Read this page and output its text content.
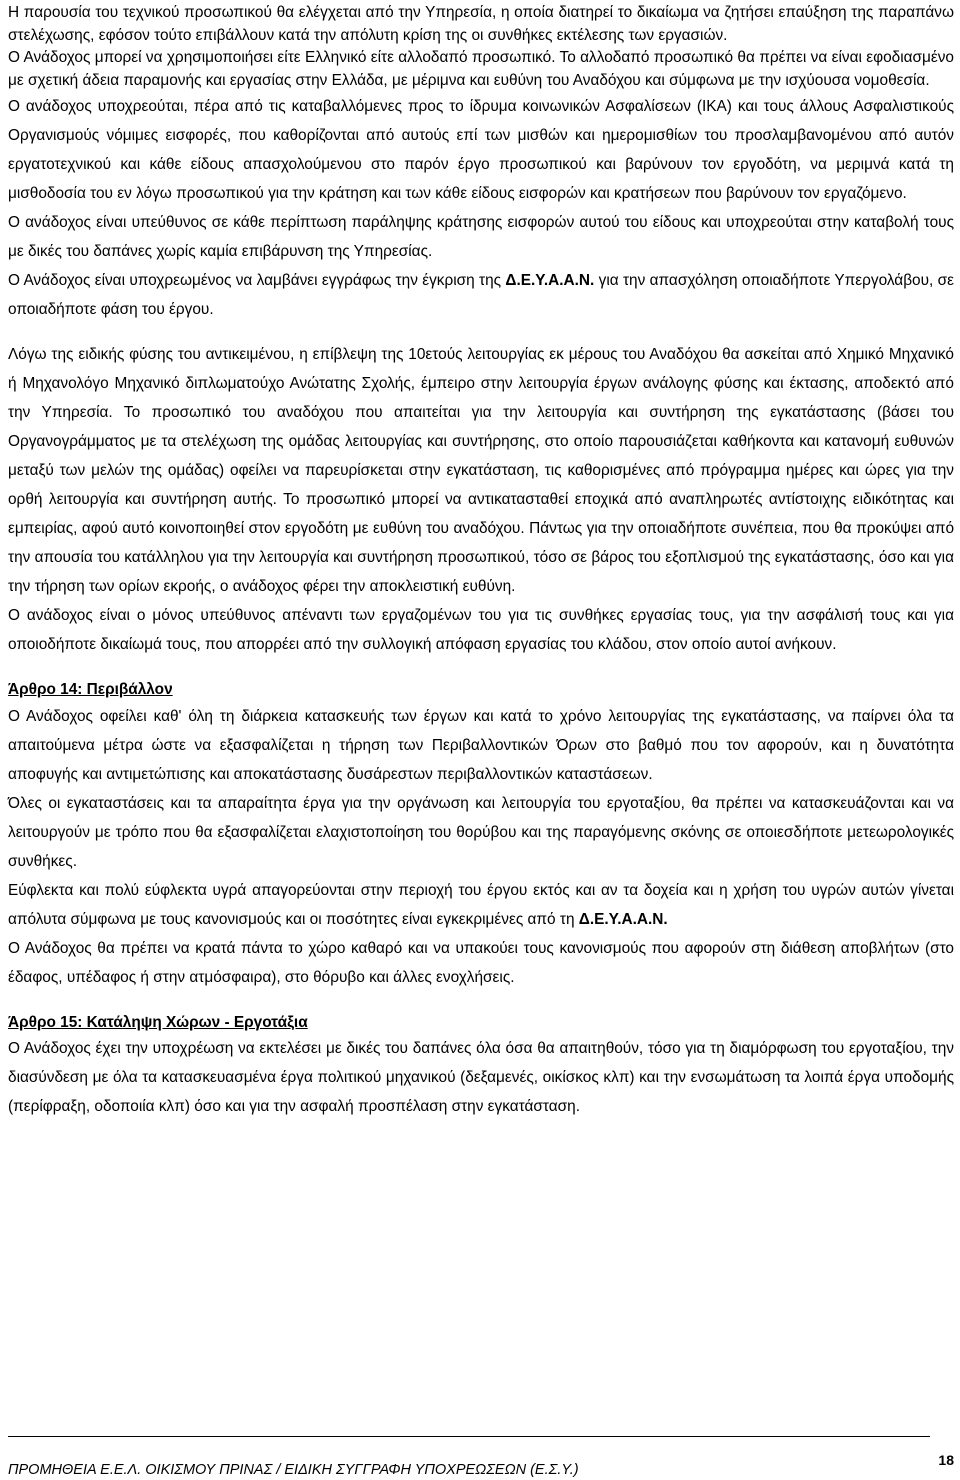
Η παρουσία του τεχνικού προσωπικού θα ελέγχεται από την Υπηρεσία, η οποία διατηρεί το δικαίωμα να ζητήσει επαύξηση της παραπάνω στελέχωσης, εφόσον τούτο επιβάλλουν κατά την απόλυτη κρίση της οι συνθήκες εκτέλεσης των εργασιών.

Ο Ανάδοχος μπορεί να χρησιμοποιήσει είτε Ελληνικό είτε αλλοδαπό προσωπικό. Το αλλοδαπό προσωπικό θα πρέπει να είναι εφοδιασμένο με σχετική άδεια παραμονής και εργασίας στην Ελλάδα, με μέριμνα και ευθύνη του Αναδόχου και σύμφωνα με την ισχύουσα νομοθεσία.

Ο ανάδοχος υποχρεούται, πέρα από τις καταβαλλόμενες προς το ίδρυμα κοινωνικών Ασφαλίσεων (ΙΚΑ) και τους άλλους Ασφαλιστικούς Οργανισμούς νόμιμες εισφορές, που καθορίζονται από αυτούς επί των μισθών και ημερομισθίων του προσλαμβανομένου από αυτόν εργατοτεχνικού και κάθε είδους απασχολούμενου στο παρόν έργο προσωπικού και βαρύνουν τον εργοδότη, να μεριμνά κατά τη μισθοδοσία του εν λόγω προσωπικού για την κράτηση και των κάθε είδους εισφορών και κρατήσεων που βαρύνουν τον εργαζόμενο.

Ο ανάδοχος είναι υπεύθυνος σε κάθε περίπτωση παράληψης κράτησης εισφορών αυτού του είδους και υποχρεούται στην καταβολή τους με δικές του δαπάνες χωρίς καμία επιβάρυνση της Υπηρεσίας.

Ο Ανάδοχος είναι υποχρεωμένος να λαμβάνει εγγράφως την έγκριση της Δ.Ε.Υ.Α.Α.Ν. για την απασχόληση οποιαδήποτε Υπεργολάβου, σε οποιαδήποτε φάση του έργου.

Λόγω της ειδικής φύσης του αντικειμένου, η επίβλεψη της 10ετούς λειτουργίας εκ μέρους του Αναδόχου θα ασκείται από Χημικό Μηχανικό ή Μηχανολόγο Μηχανικό διπλωματούχο Ανώτατης Σχολής, έμπειρο στην λειτουργία έργων ανάλογης φύσης και έκτασης, αποδεκτό από την Υπηρεσία. Το προσωπικό του αναδόχου που απαιτείται για την λειτουργία και συντήρηση της εγκατάστασης (βάσει του Οργανογράμματος με τα στελέχωση της ομάδας λειτουργίας και συντήρησης, στο οποίο παρουσιάζεται καθήκοντα και κατανομή ευθυνών μεταξύ των μελών της ομάδας) οφείλει να παρευρίσκεται στην εγκατάσταση, τις καθορισμένες από πρόγραμμα ημέρες και ώρες για την ορθή λειτουργία και συντήρηση αυτής. Το προσωπικό μπορεί να αντικατασταθεί εποχικά από αναπληρωτές αντίστοιχης ειδικότητας και εμπειρίας, αφού αυτό κοινοποιηθεί στον εργοδότη με ευθύνη του αναδόχου. Πάντως για την οποιαδήποτε συνέπεια, που θα προκύψει από την απουσία του κατάλληλου για την λειτουργία και συντήρηση προσωπικού, τόσο σε βάρος του εξοπλισμού της εγκατάστασης, όσο και για την τήρηση των ορίων εκροής, ο ανάδοχος φέρει την αποκλειστική ευθύνη.

Ο ανάδοχος είναι ο μόνος υπεύθυνος απέναντι των εργαζομένων του για τις συνθήκες εργασίας τους, για την ασφάλισή τους και για οποιοδήποτε δικαίωμά τους, που απορρέει από την συλλογική απόφαση εργασίας του κλάδου, στον οποίο αυτοί ανήκουν.

Άρθρο 14: Περιβάλλον

Ο Ανάδοχος οφείλει καθ' όλη τη διάρκεια κατασκευής των έργων και κατά το χρόνο λειτουργίας της εγκατάστασης, να παίρνει όλα τα απαιτούμενα μέτρα ώστε να εξασφαλίζεται η τήρηση των Περιβαλλοντικών Όρων στο βαθμό που τον αφορούν, και η δυνατότητα αποφυγής και αντιμετώπισης και αποκατάστασης δυσάρεστων περιβαλλοντικών καταστάσεων.

Όλες οι εγκαταστάσεις και τα απαραίτητα έργα για την οργάνωση και λειτουργία του εργοταξίου, θα πρέπει να κατασκευάζονται και να λειτουργούν με τρόπο που θα εξασφαλίζεται ελαχιστοποίηση του θορύβου και της παραγόμενης σκόνης σε οποιεσδήποτε μετεωρολογικές συνθήκες.

Εύφλεκτα και πολύ εύφλεκτα υγρά απαγορεύονται στην περιοχή του έργου εκτός και αν τα δοχεία και η χρήση του υγρών αυτών γίνεται απόλυτα σύμφωνα με τους κανονισμούς και οι ποσότητες είναι εγκεκριμένες από τη Δ.Ε.Υ.Α.Α.Ν.

Ο Ανάδοχος θα πρέπει να κρατά πάντα το χώρο καθαρό και να υπακούει τους κανονισμούς που αφορούν στη διάθεση αποβλήτων (στο έδαφος, υπέδαφος ή στην ατμόσφαιρα), στο θόρυβο και άλλες ενοχλήσεις.

Άρθρο 15: Κατάληψη Χώρων - Εργοτάξια

Ο Ανάδοχος έχει την υποχρέωση να εκτελέσει με δικές του δαπάνες όλα όσα θα απαιτηθούν, τόσο για τη διαμόρφωση του εργοταξίου, την διασύνδεση με όλα τα κατασκευασμένα έργα πολιτικού μηχανικού (δεξαμενές, οικίσκος κλπ) και την ενσωμάτωση τα λοιπά έργα υποδομής (περίφραξη, οδοποιία κλπ) όσο και για την ασφαλή προσπέλαση στην εγκατάσταση.

ΠΡΟΜΗΘΕΙΑ Ε.Ε.Λ. ΟΙΚΙΣΜΟΥ ΠΡΙΝΑΣ / ΕΙΔΙΚΗ ΣΥΓΓΡΑΦΗ ΥΠΟΧΡΕΩΣΕΩΝ (Ε.Σ.Υ.)
18
